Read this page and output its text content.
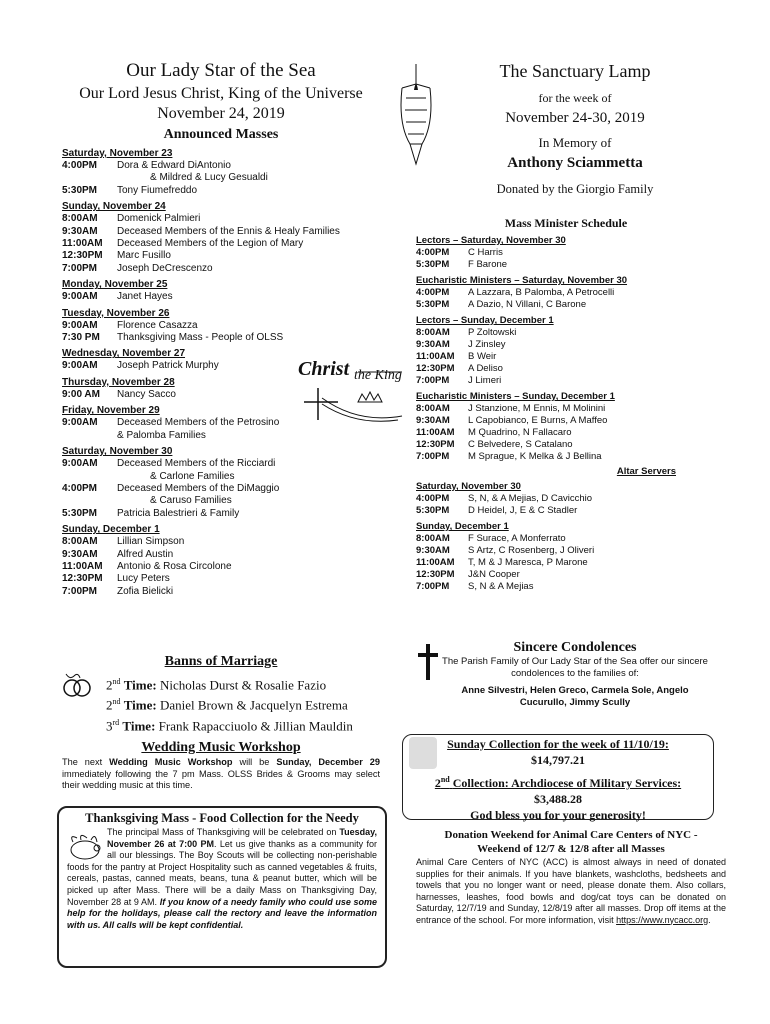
Our Lady Star of the Sea
Our Lord Jesus Christ, King of the Universe
November 24, 2019
Announced Masses
Saturday, November 23
4:00PM	Dora & Edward DiAntonio
& Mildred & Lucy Gesualdi
5:30PM	Tony Fiumefreddo
Sunday, November 24
8:00AM	Domenick Palmieri
9:30AM	Deceased Members of the Ennis & Healy Families
11:00AM	Deceased Members of the Legion of Mary
12:30PM	Marc Fusillo
7:00PM	Joseph DeCrescenzo
Monday, November 25
9:00AM	Janet Hayes
Tuesday, November 26
9:00AM	Florence Casazza
7:30 PM	Thanksgiving Mass - People of OLSS
Wednesday, November 27
9:00AM	Joseph Patrick Murphy
Thursday, November 28
9:00 AM	Nancy Sacco
Friday, November 29
9:00AM	Deceased Members of the Petrosino
& Palomba Families
Saturday, November 30
9:00AM	Deceased Members of the Ricciardi
& Carlone Families
4:00PM	Deceased Members of the DiMaggio
& Caruso Families
5:30PM	Patricia Balestrieri & Family
Sunday, December 1
8:00AM	Lillian Simpson
9:30AM	Alfred Austin
11:00AM	Antonio & Rosa Circolone
12:30PM	Lucy Peters
7:00PM	Zofia Bielicki
Christ the King
Banns of Marriage
2nd Time: Nicholas Durst & Rosalie Fazio
2nd Time: Daniel Brown & Jacquelyn Estrema
3rd Time: Frank Rapacciuolo & Jillian Mauldin
Wedding Music Workshop
The next Wedding Music Workshop will be Sunday, December 29 immediately following the 7 pm Mass. OLSS Brides & Grooms may select their wedding music at this time.
Thanksgiving Mass - Food Collection for the Needy
The principal Mass of Thanksgiving will be celebrated on Tuesday, November 26 at 7:00 PM. Let us give thanks as a community for all our blessings. The Boy Scouts will be collecting non-perishable foods for the pantry at Project Hospitality such as canned vegetables & fruits, cereals, pastas, canned meats, beans, tuna & peanut butter, which will be picked up after Mass. There will be a daily Mass on Thanksgiving Day, November 28 at 9 AM. If you know of a needy family who could use some help for the holidays, please call the rectory and leave the information with us. All calls will be kept confidential.
The Sanctuary Lamp
for the week of
November 24-30, 2019
In Memory of
Anthony Sciammetta
Donated by the Giorgio Family
Mass Minister Schedule
Lectors – Saturday, November 30
4:00PM	C Harris
5:30PM	F Barone
Eucharistic Ministers – Saturday, November 30
4:00PM	A Lazzara, B Palomba, A Petrocelli
5:30PM	A Dazio, N Villani, C Barone
Lectors – Sunday, December 1
8:00AM	P Zoltowski
9:30AM	J Zinsley
11:00AM	B Weir
12:30PM	A Deliso
7:00PM	J Limeri
Eucharistic Ministers – Sunday, December 1
8:00AM	J Stanzione, M Ennis, M Molinini
9:30AM	L Capobianco, E Burns, A Maffeo
11:00AM	M Quadrino, N Fallacaro
12:30PM	C Belvedere, S Catalano
7:00PM	M Sprague, K Melka & J Bellina
Altar Servers
Saturday, November 30
4:00PM	S, N, & A Mejias, D Cavicchio
5:30PM	D Heidel, J, E & C Stadler
Sunday, December 1
8:00AM	F Surace, A Monferrato
9:30AM	S Artz, C Rosenberg, J Oliveri
11:00AM	T, M & J Maresca, P Marone
12:30PM	J&N Cooper
7:00PM	S, N & A Mejias
Sincere Condolences
The Parish Family of Our Lady Star of the Sea offer our sincere condolences to the families of:
Anne Silvestri, Helen Greco, Carmela Sole, Angelo Cucurullo, Jimmy Scully
Sunday Collection for the week of 11/10/19:
$14,797.21
2nd Collection: Archdiocese of Military Services:
$3,488.28
God bless you for your generosity!
Donation Weekend for Animal Care Centers of NYC - Weekend of 12/7 & 12/8 after all Masses
Animal Care Centers of NYC (ACC) is almost always in need of donated supplies for their animals. If you have blankets, washcloths, bedsheets and towels that you no longer want or need, please donate them. Also collars, harnesses, leashes, food bowls and dog/cat toys can be donated on Saturday, 12/7/19 and Sunday, 12/8/19 after all masses. Drop off items at the entrance of the school. For more information, visit https://www.nycacc.org.
